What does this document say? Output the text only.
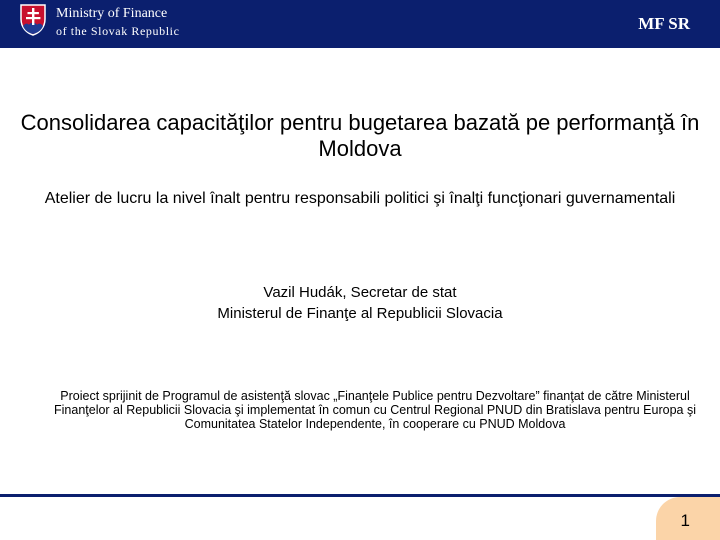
Ministry of Finance
of the Slovak Republic	MF SR
Consolidarea capacităţilor pentru bugetarea bazată pe performanţă în Moldova
Atelier de lucru la nivel înalt pentru responsabili politici şi înalţi funcţionari guvernamentali
Vazil Hudák, Secretar de stat
Ministerul de Finanţe al Republicii Slovacia
Proiect sprijinit de Programul de asistenţă slovac „Finanţele Publice pentru Dezvoltare” finanţat de către Ministerul Finanţelor al Republicii Slovacia şi implementat în comun cu Centrul Regional PNUD din Bratislava pentru Europa şi Comunitatea Statelor Independente, în cooperare cu PNUD Moldova
1
